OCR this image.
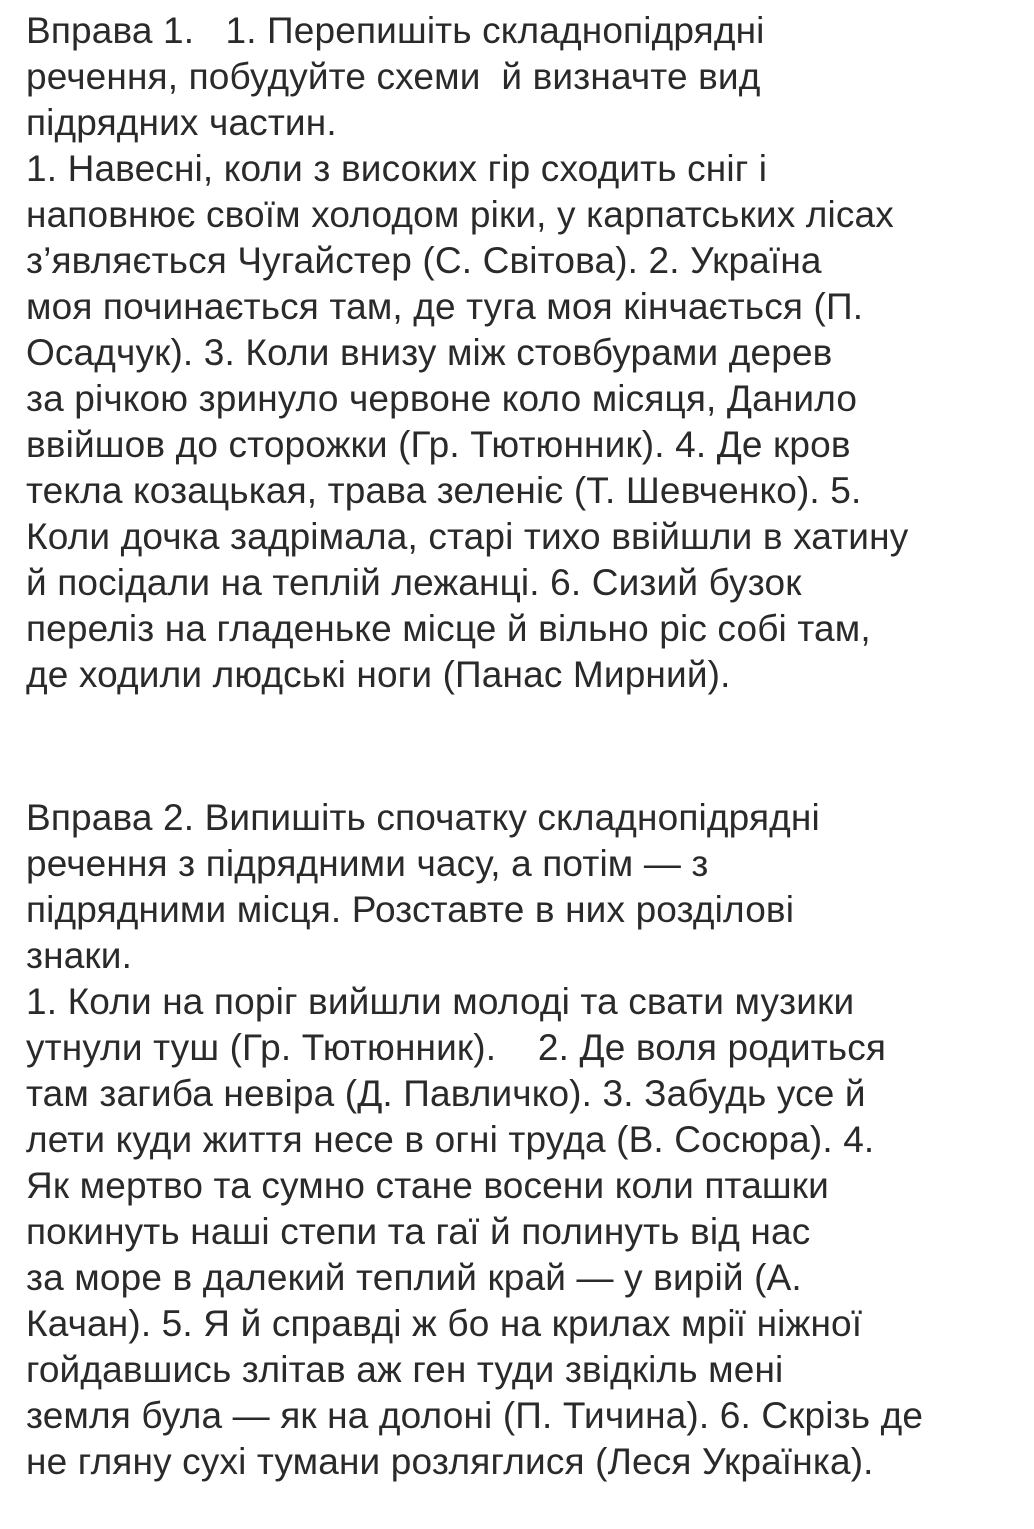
Вправа 1.   1. Перепишіть складнопідрядні
речення, побудуйте схеми  й визначте вид
підрядних частин.
1. Навесні, коли з високих гір сходить сніг і
наповнює своїм холодом ріки, у карпатських лісах
з’являється Чугайстер (С. Світова). 2. Україна
моя починається там, де туга моя кінчається (П.
Осадчук). 3. Коли внизу між стовбурами дерев
за річкою зринуло червоне коло місяця, Данило
ввійшов до сторожки (Гр. Тютюнник). 4. Де кров
текла козацькая, трава зеленіє (Т. Шевченко). 5.
Коли дочка задрімала, старі тихо ввійшли в хатину
й посідали на теплій лежанці. 6. Сизий бузок
переліз на гладеньке місце й вільно ріс собі там,
де ходили людські ноги (Панас Мирний).
Вправа 2. Випишіть спочатку складнопідрядні
речення з підрядними часу, а потім — з
підрядними місця. Розставте в них розділові
знаки.
1. Коли на поріг вийшли молоді та свати музики
утнули туш (Гр. Тютюнник).    2. Де воля родиться
там загиба невіра (Д. Павличко). 3. Забудь усе й
лети куди життя несе в огні труда (В. Сосюра). 4.
Як мертво та сумно стане восени коли пташки
покинуть наші степи та гаї й полинуть від нас
за море в далекий теплий край — у вирій (А.
Качан). 5. Я й справді ж бо на крилах мрії ніжної
гойдавшись злітав аж ген туди звідкіль мені
земля була — як на долоні (П. Тичина). 6. Скрізь де
не гляну сухі тумани розляглися (Леся Українка).
